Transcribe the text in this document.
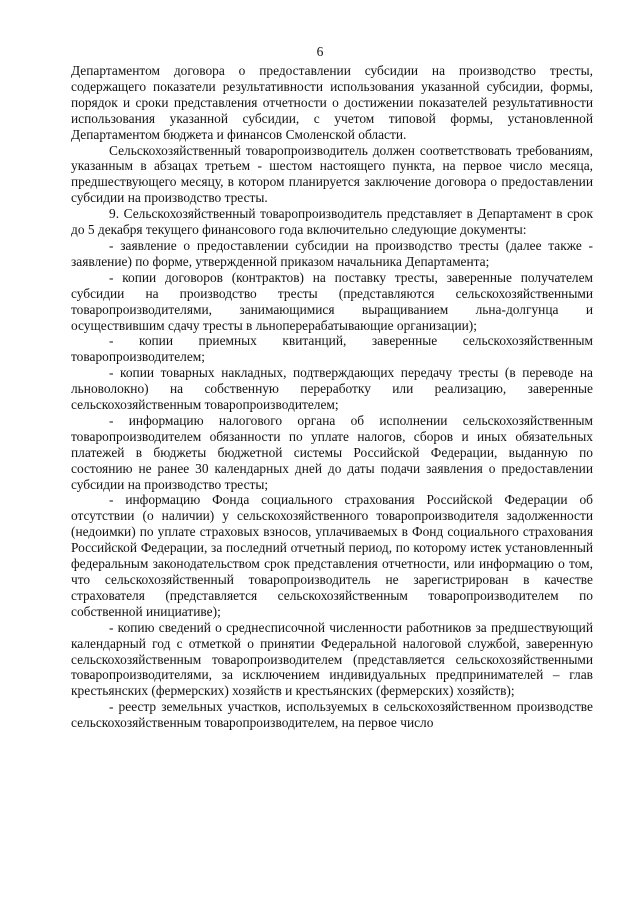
6

Департаментом договора о предоставлении субсидии на производство тресты, содержащего показатели результативности использования указанной субсидии, формы, порядок и сроки представления отчетности о достижении показателей результативности использования указанной субсидии, с учетом типовой формы, установленной Департаментом бюджета и финансов Смоленской области.

Сельскохозяйственный товаропроизводитель должен соответствовать требованиям, указанным в абзацах третьем - шестом настоящего пункта, на первое число месяца, предшествующего месяцу, в котором планируется заключение договора о предоставлении субсидии на производство тресты.

9. Сельскохозяйственный товаропроизводитель представляет в Департамент в срок до 5 декабря текущего финансового года включительно следующие документы:

- заявление о предоставлении субсидии на производство тресты (далее также - заявление) по форме, утвержденной приказом начальника Департамента;

- копии договоров (контрактов) на поставку тресты, заверенные получателем субсидии на производство тресты (представляются сельскохозяйственными товаропроизводителями, занимающимися выращиванием льна-долгунца и осуществившим сдачу тресты в льноперерабатывающие организации);

- копии приемных квитанций, заверенные сельскохозяйственным товаропроизводителем;

- копии товарных накладных, подтверждающих передачу тресты (в переводе на льноволокно) на собственную переработку или реализацию, заверенные сельскохозяйственным товаропроизводителем;

- информацию налогового органа об исполнении сельскохозяйственным товаропроизводителем обязанности по уплате налогов, сборов и иных обязательных платежей в бюджеты бюджетной системы Российской Федерации, выданную по состоянию не ранее 30 календарных дней до даты подачи заявления о предоставлении субсидии на производство тресты;

- информацию Фонда социального страхования Российской Федерации об отсутствии (о наличии) у сельскохозяйственного товаропроизводителя задолженности (недоимки) по уплате страховых взносов, уплачиваемых в Фонд социального страхования Российской Федерации, за последний отчетный период, по которому истек установленный федеральным законодательством срок представления отчетности, или информацию о том, что сельскохозяйственный товаропроизводитель не зарегистрирован в качестве страхователя (представляется сельскохозяйственным товаропроизводителем по собственной инициативе);

- копию сведений о среднесписочной численности работников за предшествующий календарный год с отметкой о принятии Федеральной налоговой службой, заверенную сельскохозяйственным товаропроизводителем (представляется сельскохозяйственными товаропроизводителями, за исключением индивидуальных предпринимателей – глав крестьянских (фермерских) хозяйств и крестьянских (фермерских) хозяйств);

- реестр земельных участков, используемых в сельскохозяйственном производстве сельскохозяйственным товаропроизводителем, на первое число
